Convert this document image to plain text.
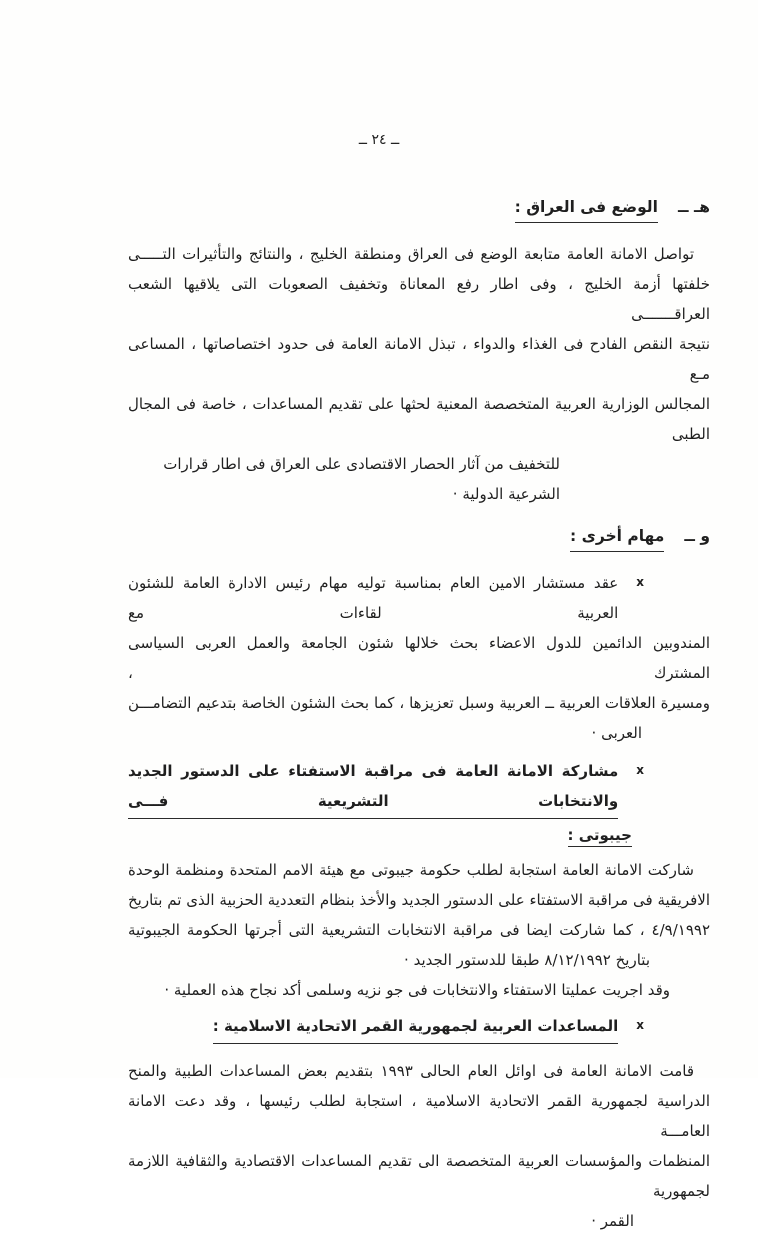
ــ ٢٤ ــ
هـ ــ
الوضع فى العراق :
تواصل الامانة العامة متابعة الوضع فى العراق ومنطقة الخليج ، والنتائج والتأثيرات التـــــى
خلفتها أزمة الخليج ، وفى اطار رفع المعاناة وتخفيف الصعوبات التى يلاقيها الشعب العراقـــــــى
نتيجة النقص الفادح فى الغذاء والدواء ، تبذل الامانة العامة فى حدود اختصاصاتها ، المساعى مـع
المجالس الوزارية العربية المتخصصة المعنية لحثها على تقديم المساعدات ، خاصة فى المجال الطبى
للتخفيف من آثار الحصار الاقتصادى على العراق فى اطار قرارات الشرعية الدولية ·
و ــ
مهام أخرى :
x
عقد مستشار الامين العام بمناسبة توليه مهام رئيس الادارة العامة للشئون العربية لقاءات مع
المندوبين الدائمين للدول الاعضاء بحث خلالها شئون الجامعة والعمل العربى السياسى المشترك ،
ومسيرة العلاقات العربية ــ العربية وسبل تعزيزها ، كما بحث الشئون الخاصة بتدعيم التضامـــن
العربى ·
x
مشاركة الامانة العامة فى مراقبة الاستفتاء على الدستور الجديد والانتخابات التشريعية فـــى
جيبوتى :
شاركت الامانة العامة استجابة لطلب حكومة جيبوتى مع هيئة الامم المتحدة ومنظمة الوحدة
الافريقية فى مراقبة الاستفتاء على الدستور الجديد والأخذ بنظام التعددية الحزبية الذى تم بتاريخ
٤/٩/١٩٩٢ ، كما شاركت ايضا فى مراقبة الانتخابات التشريعية التى أجرتها الحكومة الجيبوتية
بتاريخ ٨/١٢/١٩٩٢ طبقا للدستور الجديد ·
وقد اجريت عمليتا الاستفتاء والانتخابات فى جو نزيه وسلمى أكد نجاح هذه العملية ·
x
المساعدات العربية لجمهورية القمر الاتحادية الاسلامية :
قامت الامانة العامة فى اوائل العام الحالى ١٩٩٣ بتقديم بعض المساعدات الطبية والمنح
الدراسية لجمهورية القمر الاتحادية الاسلامية ، استجابة لطلب رئيسها ، وقد دعت الامانة العامـــة
المنظمات والمؤسسات العربية المتخصصة الى تقديم المساعدات الاقتصادية والثقافية اللازمة لجمهورية
القمر ·
